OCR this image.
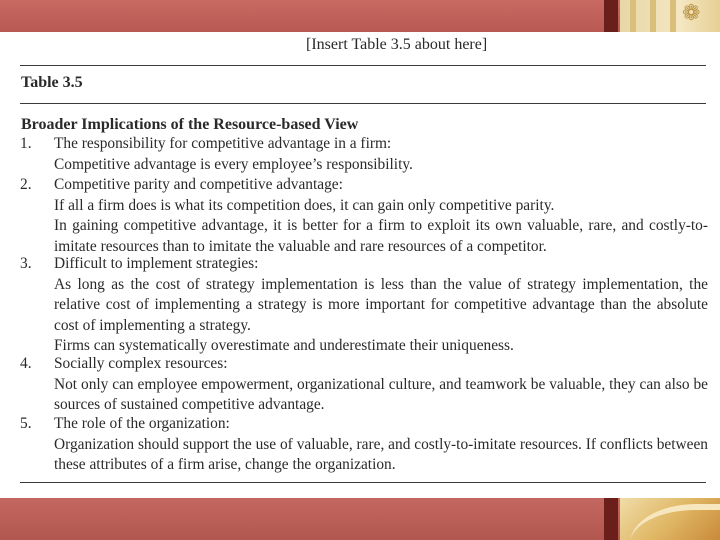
❁
[Insert Table 3.5 about here]
Table 3.5
Broader Implications of the Resource-based View
1. The responsibility for competitive advantage in a firm:
Competitive advantage is every employee’s responsibility.
2. Competitive parity and competitive advantage:
If all a firm does is what its competition does, it can gain only competitive parity.
In gaining competitive advantage, it is better for a firm to exploit its own valuable, rare, and costly-to-imitate resources than to imitate the valuable and rare resources of a competitor.
3. Difficult to implement strategies:
As long as the cost of strategy implementation is less than the value of strategy implementation, the relative cost of implementing a strategy is more important for competitive advantage than the absolute cost of implementing a strategy.
Firms can systematically overestimate and underestimate their uniqueness.
4. Socially complex resources:
Not only can employee empowerment, organizational culture, and teamwork be valuable, they can also be sources of sustained competitive advantage.
5. The role of the organization:
Organization should support the use of valuable, rare, and costly-to-imitate resources. If conflicts between these attributes of a firm arise, change the organization.
